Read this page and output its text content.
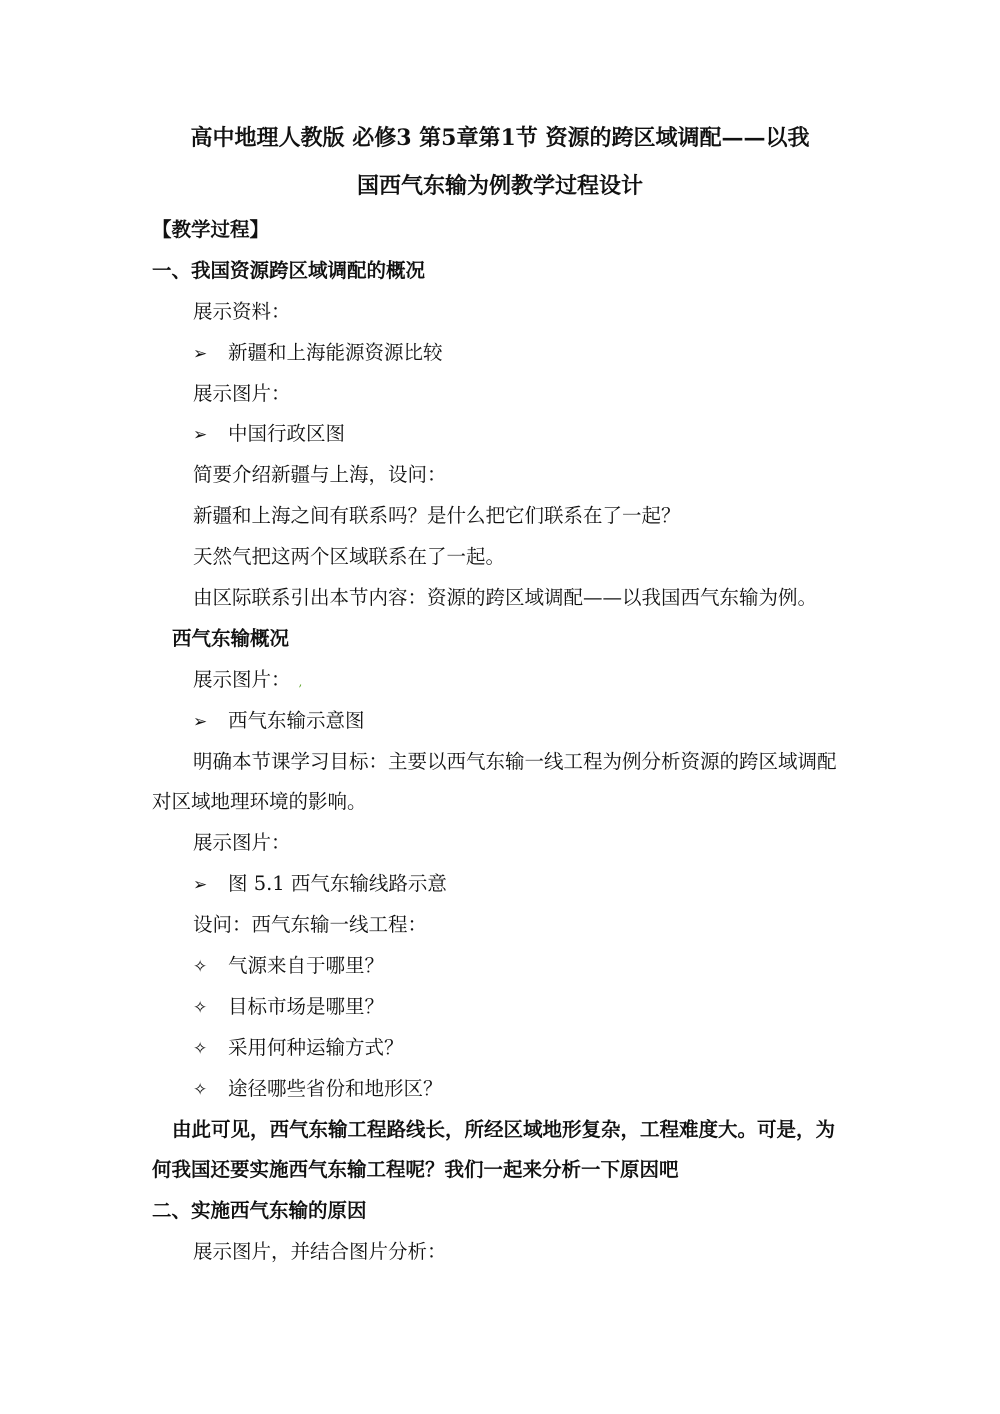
高中地理人教版 必修3 第5章第1节 资源的跨区域调配——以我
国西气东输为例教学过程设计
【教学过程】
一、我国资源跨区域调配的概况
展示资料：
➢ 新疆和上海能源资源比较
展示图片：
➢ 中国行政区图
简要介绍新疆与上海，设问：
新疆和上海之间有联系吗？是什么把它们联系在了一起？
天然气把这两个区域联系在了一起。
由区际联系引出本节内容：资源的跨区域调配——以我国西气东输为例。
西气东输概况
展示图片： ,
➢ 西气东输示意图
明确本节课学习目标：主要以西气东输一线工程为例分析资源的跨区域调配
对区域地理环境的影响。
展示图片：
➢ 图 5.1 西气东输线路示意
设问：西气东输一线工程：
✧ 气源来自于哪里？
✧ 目标市场是哪里？
✧ 采用何种运输方式？
✧ 途径哪些省份和地形区？
由此可见，西气东输工程路线长，所经区域地形复杂，工程难度大。可是，为
何我国还要实施西气东输工程呢？我们一起来分析一下原因吧
二、实施西气东输的原因
展示图片，并结合图片分析：
